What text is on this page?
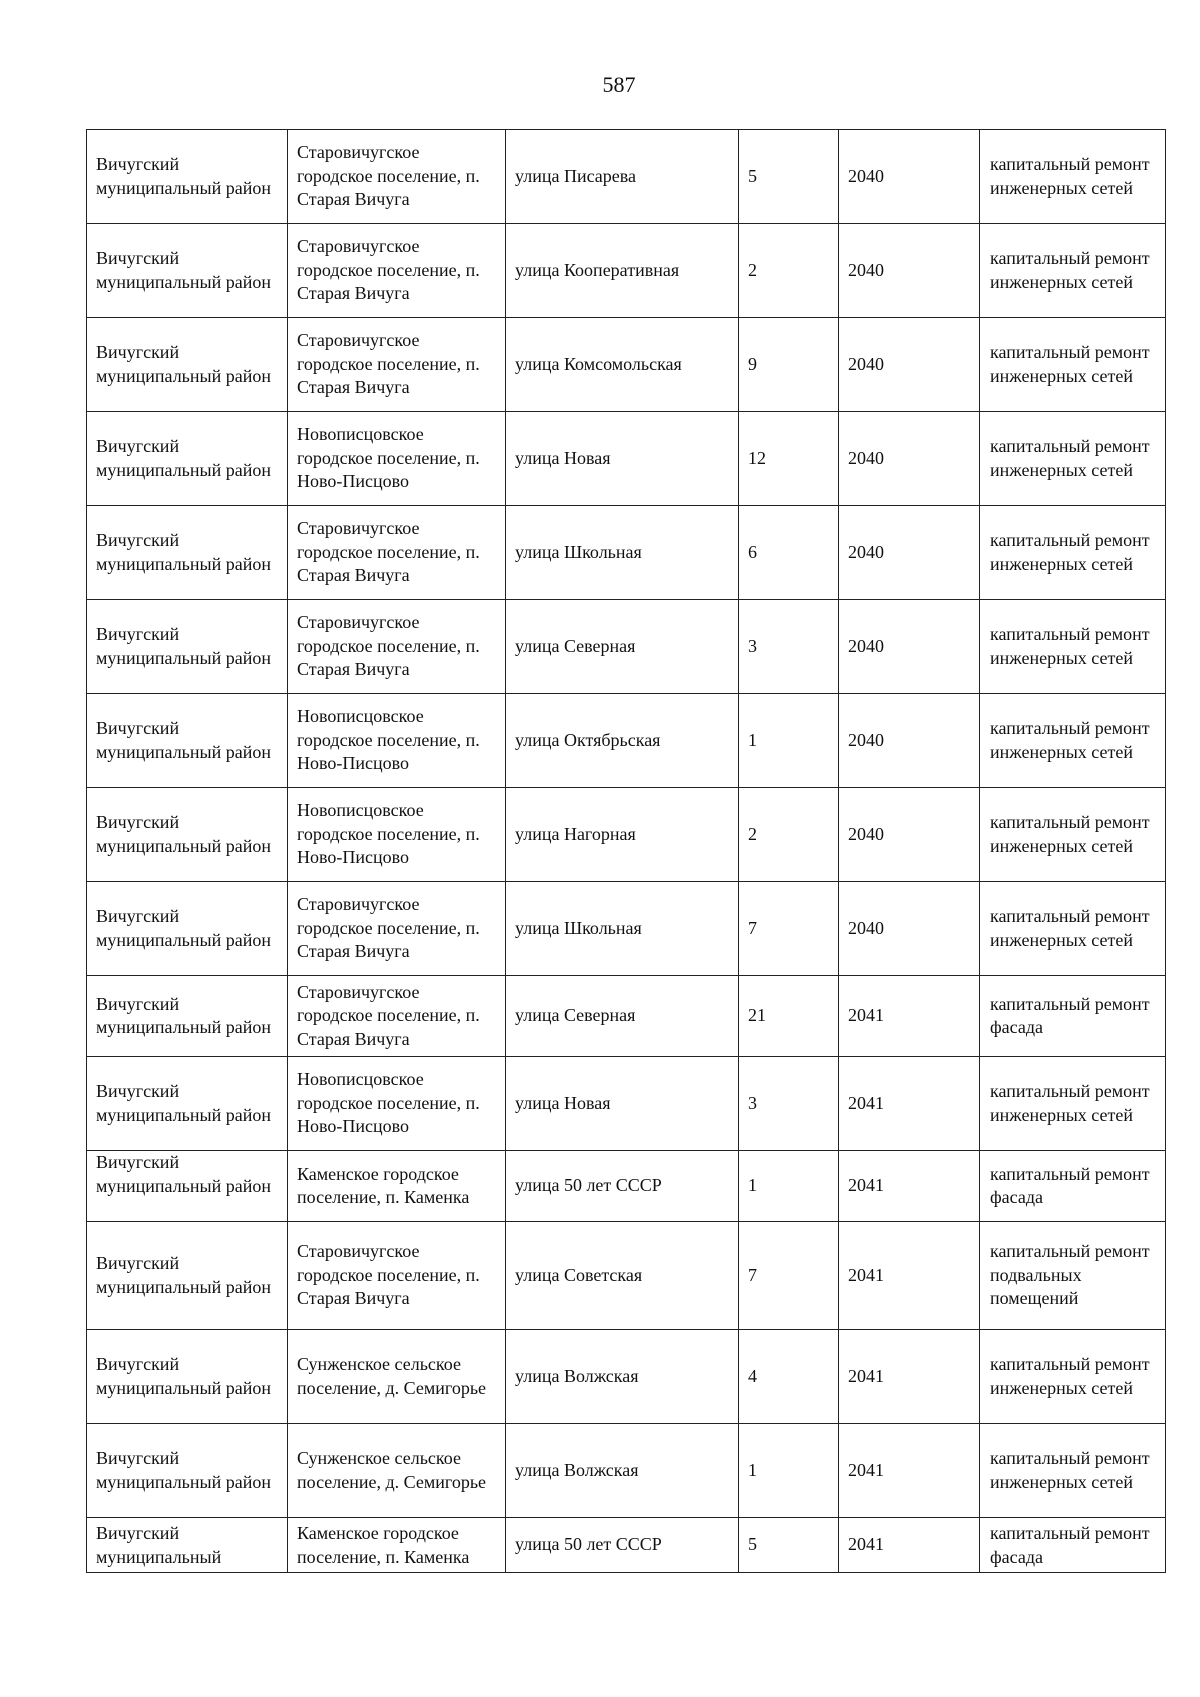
587
Вичугский муниципальный район	Старовичугское городское поселение, п. Старая Вичуга	улица Писарева	5	2040	капитальный ремонт инженерных сетей
Вичугский муниципальный район	Старовичугское городское поселение, п. Старая Вичуга	улица Кооперативная	2	2040	капитальный ремонт инженерных сетей
Вичугский муниципальный район	Старовичугское городское поселение, п. Старая Вичуга	улица Комсомольская	9	2040	капитальный ремонт инженерных сетей
Вичугский муниципальный район	Новописцовское городское поселение, п. Ново-Писцово	улица Новая	12	2040	капитальный ремонт инженерных сетей
Вичугский муниципальный район	Старовичугское городское поселение, п. Старая Вичуга	улица Школьная	6	2040	капитальный ремонт инженерных сетей
Вичугский муниципальный район	Старовичугское городское поселение, п. Старая Вичуга	улица Северная	3	2040	капитальный ремонт инженерных сетей
Вичугский муниципальный район	Новописцовское городское поселение, п. Ново-Писцово	улица Октябрьская	1	2040	капитальный ремонт инженерных сетей
Вичугский муниципальный район	Новописцовское городское поселение, п. Ново-Писцово	улица Нагорная	2	2040	капитальный ремонт инженерных сетей
Вичугский муниципальный район	Старовичугское городское поселение, п. Старая Вичуга	улица Школьная	7	2040	капитальный ремонт инженерных сетей
Вичугский муниципальный район	Старовичугское городское поселение, п. Старая Вичуга	улица Северная	21	2041	капитальный ремонт фасада
Вичугский муниципальный район	Новописцовское городское поселение, п. Ново-Писцово	улица Новая	3	2041	капитальный ремонт инженерных сетей
Вичугский муниципальный район	Каменское городское поселение, п. Каменка	улица 50 лет СССР	1	2041	капитальный ремонт фасада
Вичугский муниципальный район	Старовичугское городское поселение, п. Старая Вичуга	улица Советская	7	2041	капитальный ремонт подвальных помещений
Вичугский муниципальный район	Сунженское сельское поселение, д. Семигорье	улица Волжская	4	2041	капитальный ремонт инженерных сетей
Вичугский муниципальный район	Сунженское сельское поселение, д. Семигорье	улица Волжская	1	2041	капитальный ремонт инженерных сетей
Вичугский муниципальный	Каменское городское поселение, п. Каменка	улица 50 лет СССР	5	2041	капитальный ремонт фасада
